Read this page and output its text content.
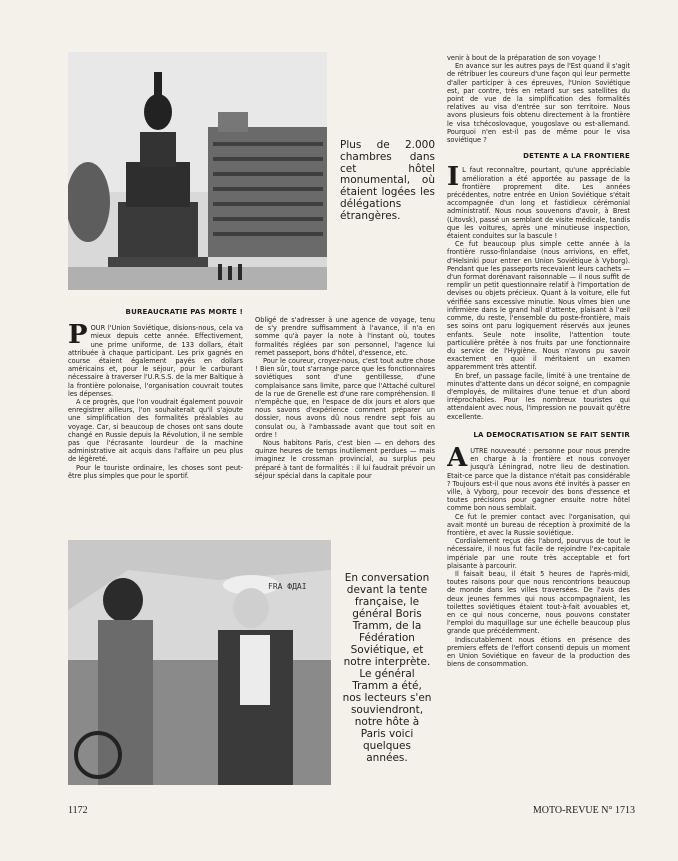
Plus de 2.000 chambres dans cet hôtel monumental, où étaient logées les délégations étrangères.
BUREAUCRATIE PAS MORTE !
P OUR l'Union Soviétique, disions-nous, cela va mieux depuis cette année. Effectivement, une prime uniforme, de 133 dollars, était attribuée à chaque participant. Les prix gagnés en course étaient également payés en dollars américains et, pour le séjour, pour le carburant nécessaire à traverser l'U.R.S.S. de la mer Baltique à la frontière polonaise, l'organisation couvrait toutes les dépenses.

A ce progrès, que l'on voudrait également pouvoir enregistrer ailleurs, l'on souhaiterait qu'il s'ajoute une simplification des formalités préalables au voyage. Car, si beaucoup de choses ont sans doute changé en Russie depuis la Révolution, il ne semble pas que l'écrasante lourdeur de la machine administrative ait acquis dans l'affaire un peu plus de légèreté.

Pour le touriste ordinaire, les choses sont peut-être plus simples que pour le sportif.

Obligé de s'adresser à une agence de voyage, tenu de s'y prendre suffisamment à l'avance, il n'a en somme qu'à payer la note à l'instant où, toutes formalités réglées par son personnel, l'agence lui remet passeport, bons d'hôtel, d'essence, etc.

Pour le coureur, croyez-nous, c'est tout autre chose ! Bien sûr, tout s'arrange parce que les fonctionnaires soviétiques sont d'une gentillesse, d'une complaisance sans limite, parce que l'Attaché culturel de la rue de Grenelle est d'une rare compréhension. Il n'empêche que, en l'espace de dix jours et alors que nous savons d'expérience comment préparer un dossier, nous avons dû nous rendre sept fois au consulat ou, à l'ambassade avant que tout soit en ordre !

Nous habitons Paris, c'est bien — en dehors des quinze heures de temps inutilement perdues — mais imaginez le crossman provincial, au surplus peu préparé à tant de formalités : il lui faudrait prévoir un séjour spécial dans la capitale pour

venir à bout de la préparation de son voyage !

En avance sur les autres pays de l'Est quand il s'agit de rétribuer les coureurs d'une façon qui leur permette d'aller participer à ces épreuves, l'Union Soviétique est, par contre, très en retard sur ses satellites du point de vue de la simplification des formalités relatives au visa d'entrée sur son territoire. Nous avons plusieurs fois obtenu directement à la frontière le visa tchécoslovaque, yougoslave ou est-allemand. Pourquoi n'en est-il pas de même pour le visa soviétique ?

DETENTE A LA FRONTIERE
I L faut reconnaître, pourtant, qu'une appréciable amélioration a été apportée au passage de la frontière proprement dite. Les années précédentes, notre entrée en Union Soviétique s'était accompagnée d'un long et fastidieux cérémonial administratif. Nous nous souvenons d'avoir, à Brest (Litovsk), passé un semblant de visite médicale, tandis que les voitures, après une minutieuse inspection, étaient conduites sur la bascule !

Ce fut beaucoup plus simple cette année à la frontière russo-finlandaise (nous arrivions, en effet, d'Helsinki pour entrer en Union Soviétique à Vyborg). Pendant que les passeports recevaient leurs cachets — d'un format dorénavant raisonnable — il nous suffit de remplir un petit questionnaire relatif à l'importation de devises ou objets précieux. Quant à la voiture, elle fut vérifiée sans excessive minutie. Nous vîmes bien une infirmière dans le grand hall d'attente, plaisant à l'œil comme, du reste, l'ensemble du poste-frontière, mais ses soins ont paru logiquement réservés aux jeunes enfants. Seule note insolite, l'attention toute particulière prêtée à nos fruits par une fonctionnaire du service de l'Hygiène. Nous n'avons pu savoir exactement en quoi il méritaient un examen apparemment très attentif.

En bref, un passage facile, limité à une trentaine de minutes d'attente dans un décor soigné, en compagnie d'employés, de militaires d'une tenue et d'un abord irréprochables. Pour les nombreux touristes qui attendaient avec nous, l'impression ne pouvait qu'être excellente.

LA DEMOCRATISATION SE FAIT SENTIR
A UTRE nouveauté : personne pour nous prendre en charge à la frontière et nous convoyer jusqu'à Léningrad, notre lieu de destination. Etait-ce parce que la distance n'était pas considérable ? Toujours est-il que nous avons été invités à passer en ville, à Vyborg, pour recevoir des bons d'essence et toutes précisions pour gagner ensuite notre hôtel comme bon nous semblait.

Ce fut le premier contact avec l'organisation, qui avait monté un bureau de réception à proximité de la frontière, et avec la Russie soviétique.

Cordialement reçus dès l'abord, pourvus de tout le nécessaire, il nous fut facile de rejoindre l'ex-capitale impériale par une route très acceptable et fort plaisante à parcourir.

Il faisait beau, il était 5 heures de l'après-midi, toutes raisons pour que nous rencontrions beaucoup de monde dans les villes traversées. De l'avis des deux jeunes femmes qui nous accompagnaient, les toilettes soviétiques étaient tout-à-fait avouables et, en ce qui nous concerne, nous pouvons constater l'emploi du maquillage sur une échelle beaucoup plus grande que précédemment.

Indiscutablement nous étions en présence des premiers effets de l'effort consenti depuis un moment en Union Soviétique en faveur de la production des biens de consommation.

FRA ФДАІ
En conversation devant la tente française, le général Boris Tramm, de la Fédération Soviétique, et notre interprète. Le général Tramm a été, nos lecteurs s'en souviendront, notre hôte à Paris voici quelques années.
1172	MOTO-REVUE N° 1713
